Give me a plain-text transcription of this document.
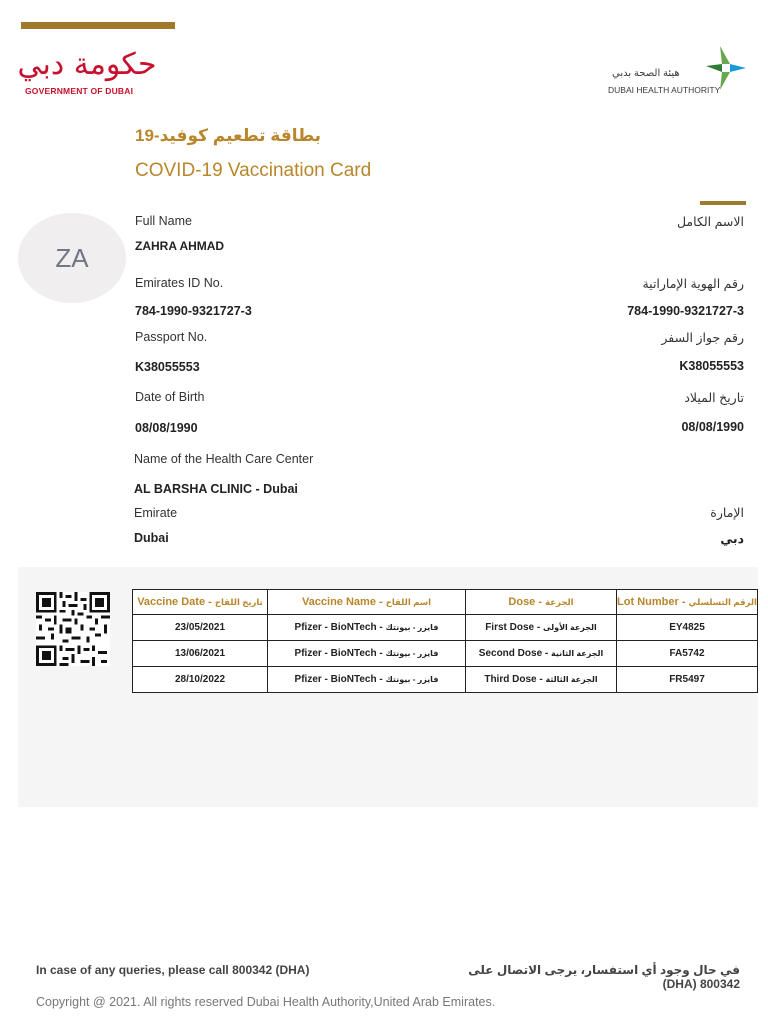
حكومة دبي
GOVERNMENT OF DUBAI
هيئة الصحة بدبي
DUBAI HEALTH AUTHORITY
بطاقة تطعيم كوفيد-19
COVID-19 Vaccination Card
ZA
Full Name	الاسم الكامل
ZAHRA AHMAD
Emirates ID No.	رقم الهوية الإماراتية
784-1990-9321727-3	784-1990-9321727-3
Passport No.	رقم جواز السفر
K38055553	K38055553
Date of Birth	تاريخ الميلاد
08/08/1990	08/08/1990
Name of the Health Care Center
AL BARSHA CLINIC - Dubai
Emirate	الإمارة
Dubai	دبي
Vaccine Date - تاريخ اللقاح	Vaccine Name - اسم اللقاح	Dose - الجرعة	Lot Number - الرقم التسلسلي
23/05/2021	Pfizer - BioNTech - فايزر - بيونتك	First Dose - الجرعة الأولى	EY4825
13/06/2021	Pfizer - BioNTech - فايزر - بيونتك	Second Dose - الجرعة الثانية	FA5742
28/10/2022	Pfizer - BioNTech - فايزر - بيونتك	Third Dose - الجرعة الثالثة	FR5497
In case of any queries, please call 800342 (DHA)	في حال وجود أي استفسار، يرجى الاتصال على 800342 (DHA)
Copyright @ 2021. All rights reserved Dubai Health Authority,United Arab Emirates.
